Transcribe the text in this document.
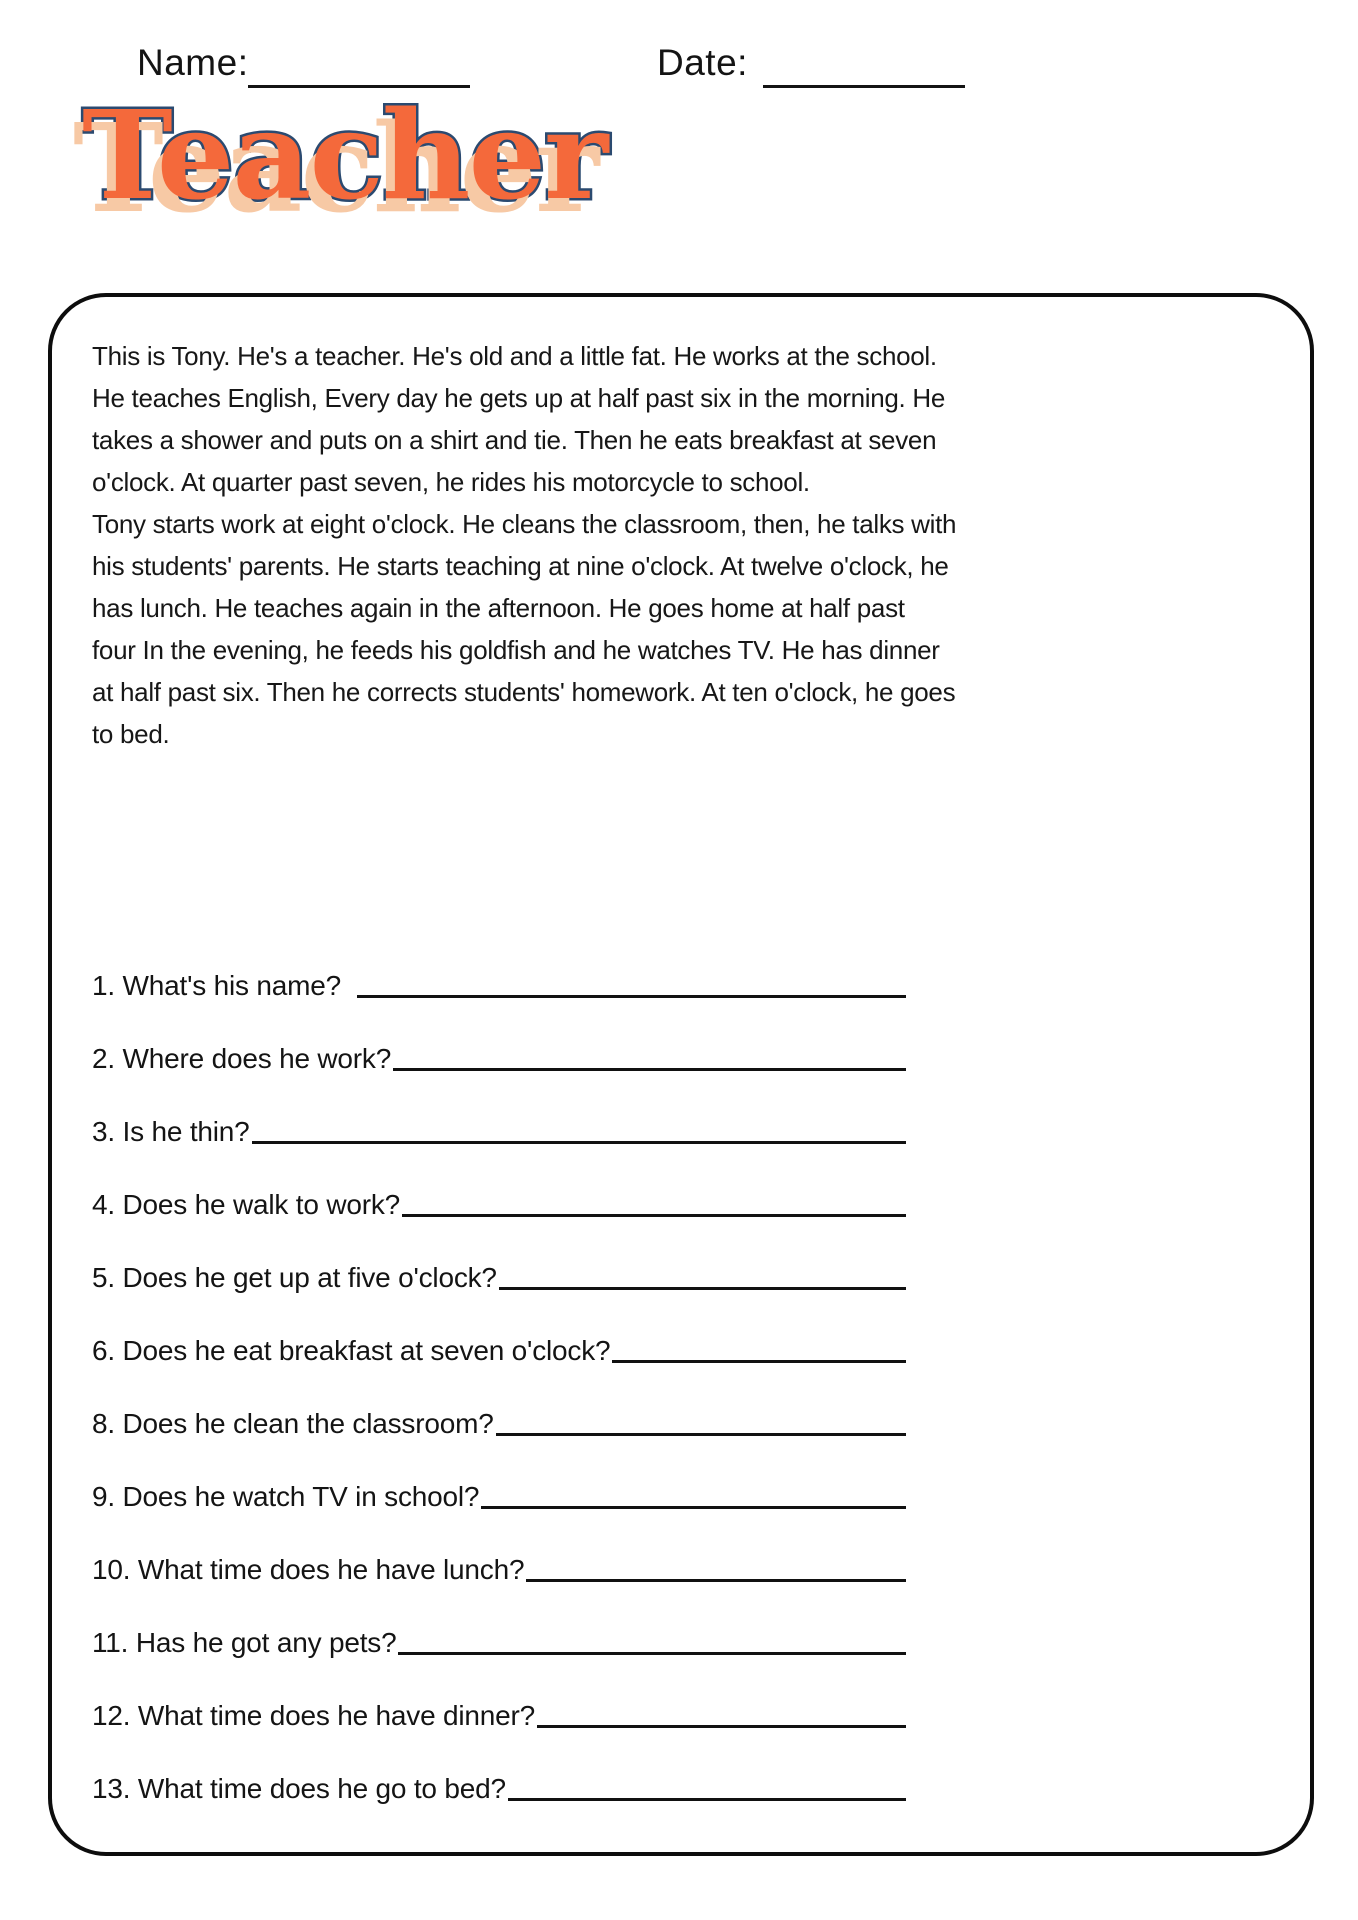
Name:	Date:
Teacher
This is Tony. He's a teacher. He's old and a little fat. He works at the school.
He teaches English, Every day he gets up at half past six in the morning. He
takes a shower and puts on a shirt and tie. Then he eats breakfast at seven
o'clock. At quarter past seven, he rides his motorcycle to school.
Tony starts work at eight o'clock. He cleans the classroom, then, he talks with
his students' parents. He starts teaching at nine o'clock. At twelve o'clock, he
has lunch. He teaches again in the afternoon. He goes home at half past
four In the evening, he feeds his goldfish and he watches TV. He has dinner
at half past six. Then he corrects students' homework. At ten o'clock, he goes
to bed.
1. What's his name?
2. Where does he work?
3. Is he thin?
4. Does he walk to work?
5. Does he get up at five o'clock?
6. Does he eat breakfast at seven o'clock?
8. Does he clean the classroom?
9. Does he watch TV in school?
10. What time does he have lunch?
11. Has he got any pets?
12. What time does he have dinner?
13. What time does he go to bed?
